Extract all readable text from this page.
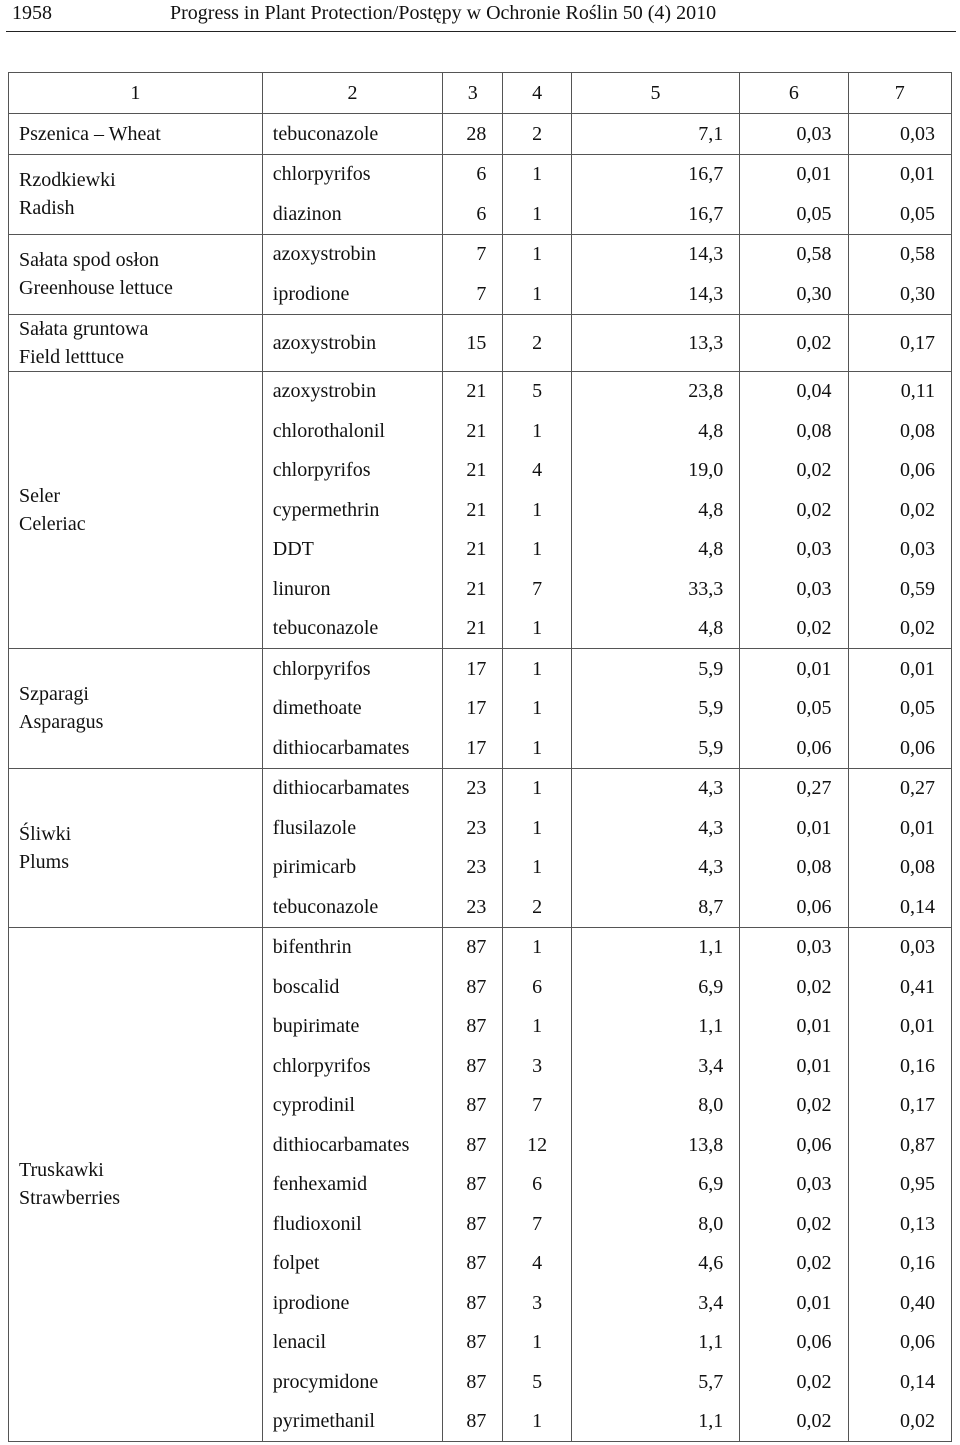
1958	Progress in Plant Protection/Postępy w Ochronie Roślin 50 (4) 2010
1	2	3	4	5	6	7

Pszenica – Wheat	tebuconazole	28	2	7,1	0,03	0,03

Rzodkiewki
Radish	chlorpyrifos	6	1	16,7	0,01	0,01
	diazinon	6	1	16,7	0,05	0,05

Sałata spod osłon
Greenhouse lettuce	azoxystrobin	7	1	14,3	0,58	0,58
	iprodione	7	1	14,3	0,30	0,30

Sałata gruntowa
Field letttuce	azoxystrobin	15	2	13,3	0,02	0,17

Seler
Celeriac	azoxystrobin	21	5	23,8	0,04	0,11
	chlorothalonil	21	1	4,8	0,08	0,08
	chlorpyrifos	21	4	19,0	0,02	0,06
	cypermethrin	21	1	4,8	0,02	0,02
	DDT	21	1	4,8	0,03	0,03
	linuron	21	7	33,3	0,03	0,59
	tebuconazole	21	1	4,8	0,02	0,02

Szparagi
Asparagus	chlorpyrifos	17	1	5,9	0,01	0,01
	dimethoate	17	1	5,9	0,05	0,05
	dithiocarbamates	17	1	5,9	0,06	0,06

Śliwki
Plums	dithiocarbamates	23	1	4,3	0,27	0,27
	flusilazole	23	1	4,3	0,01	0,01
	pirimicarb	23	1	4,3	0,08	0,08
	tebuconazole	23	2	8,7	0,06	0,14

Truskawki
Strawberries	bifenthrin	87	1	1,1	0,03	0,03
	boscalid	87	6	6,9	0,02	0,41
	bupirimate	87	1	1,1	0,01	0,01
	chlorpyrifos	87	3	3,4	0,01	0,16
	cyprodinil	87	7	8,0	0,02	0,17
	dithiocarbamates	87	12	13,8	0,06	0,87
	fenhexamid	87	6	6,9	0,03	0,95
	fludioxonil	87	7	8,0	0,02	0,13
	folpet	87	4	4,6	0,02	0,16
	iprodione	87	3	3,4	0,01	0,40
	lenacil	87	1	1,1	0,06	0,06
	procymidone	87	5	5,7	0,02	0,14
	pyrimethanil	87	1	1,1	0,02	0,02
